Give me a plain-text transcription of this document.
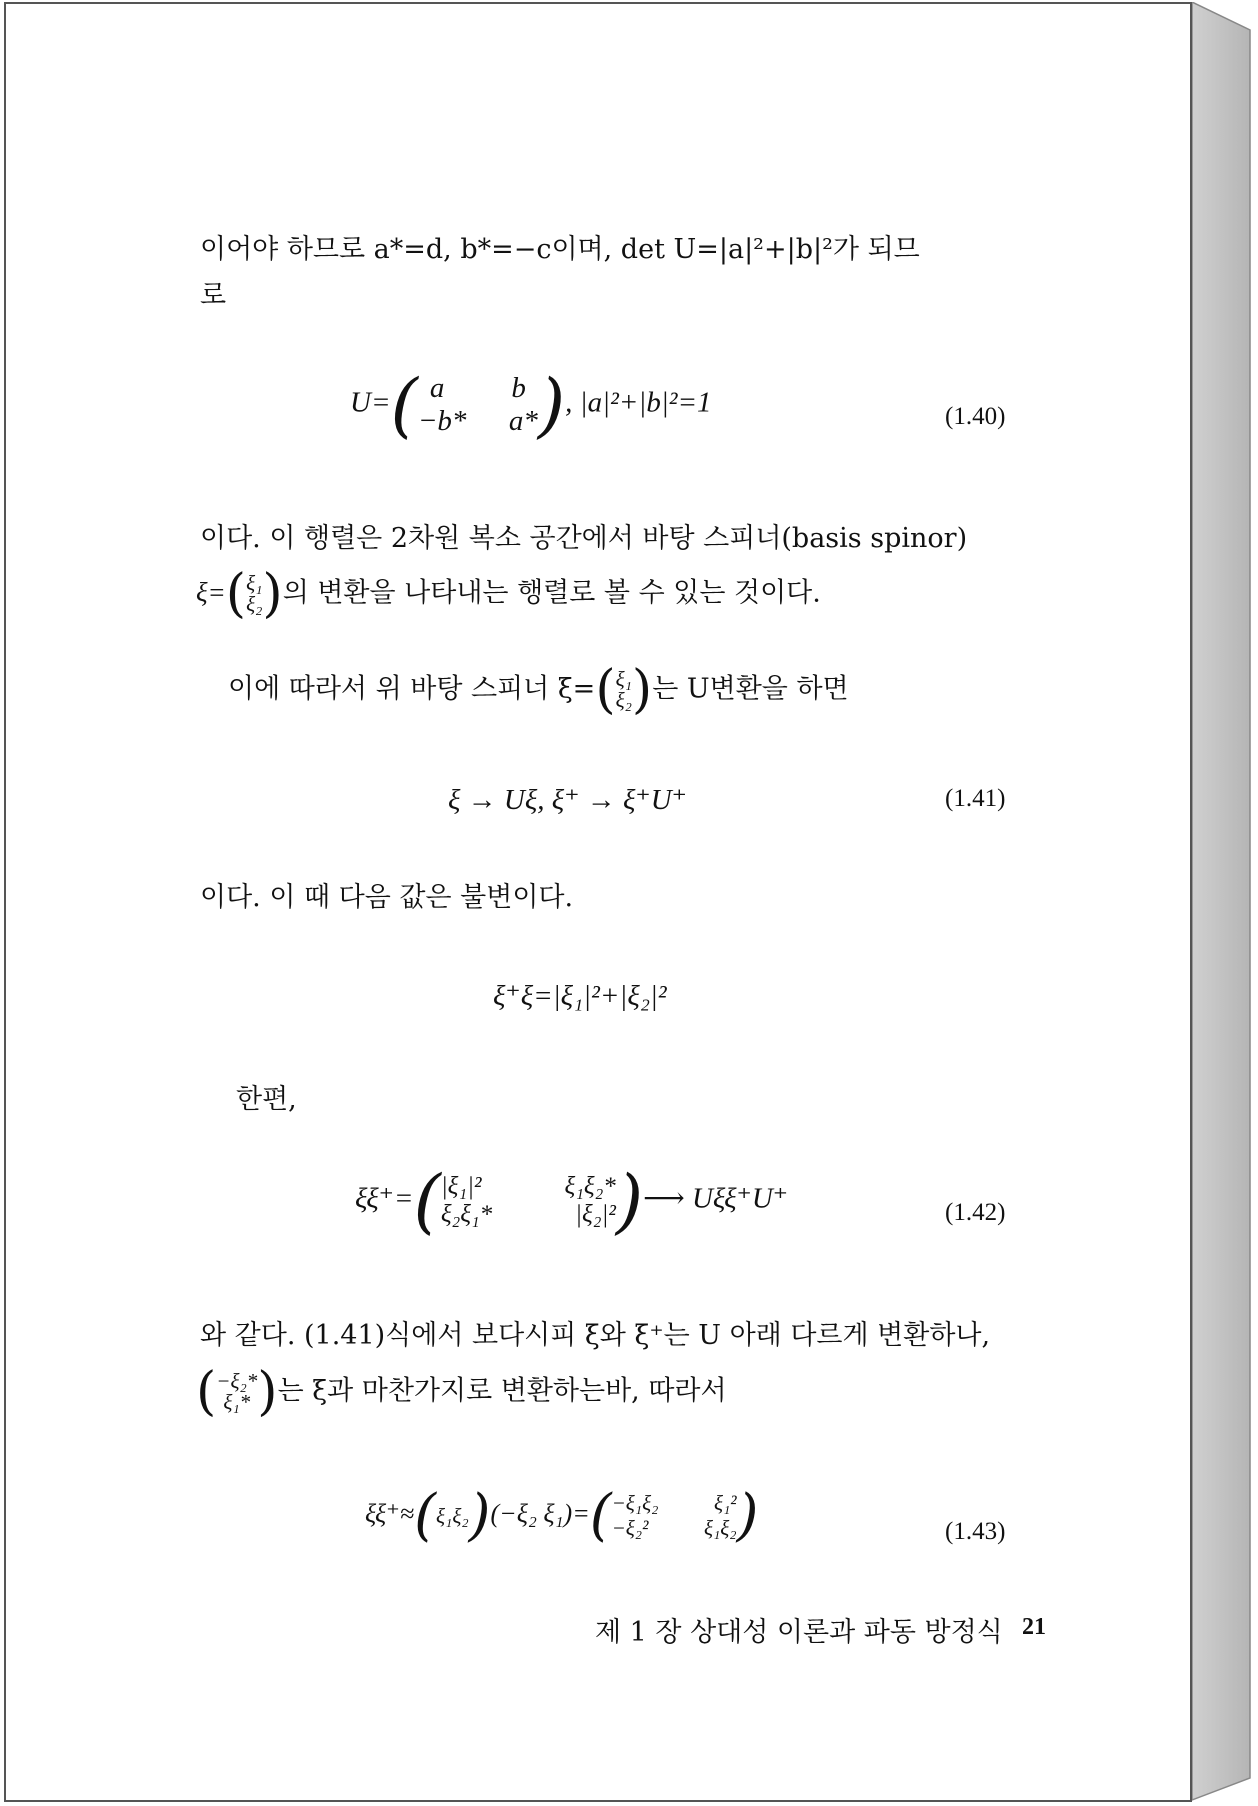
이어야 하므로 a*=d, b*=−c이며, det U=|a|²+|b|²가 되므
로
U=( a b
−b* a* ), |a|²+|b|²=1	(1.40)
이다. 이 행렬은 2차원 복소 공간에서 바탕 스피너(basis spinor)
ξ=( ξ₁
ξ₂ )의 변환을 나타내는 행렬로 볼 수 있는 것이다.
이에 따라서 위 바탕 스피너 ξ=( ξ₁
ξ₂ )는 U변환을 하면
ξ → Uξ, ξ⁺ → ξ⁺U⁺	(1.41)
이다. 이 때 다음 값은 불변이다.
ξ⁺ξ=|ξ₁|²+|ξ₂|²
한편,
ξξ⁺=( |ξ₁|²	ξ₁ξ₂*
ξ₂ξ₁*	|ξ₂|² )⟶ Uξξ⁺U⁺	(1.42)
와 같다. (1.41)식에서 보다시피 ξ와 ξ⁺는 U 아래 다르게 변환하나,
( −ξ₂*
ξ₁* )는 ξ과 마찬가지로 변환하는바, 따라서
ξξ⁺≈(ξ₁ξ₂)(−ξ₂ ξ₁)=( −ξ₁ξ₂	ξ₁²
−ξ₂²	ξ₁ξ₂ )	(1.43)
제 1 장 상대성 이론과 파동 방정식 21
